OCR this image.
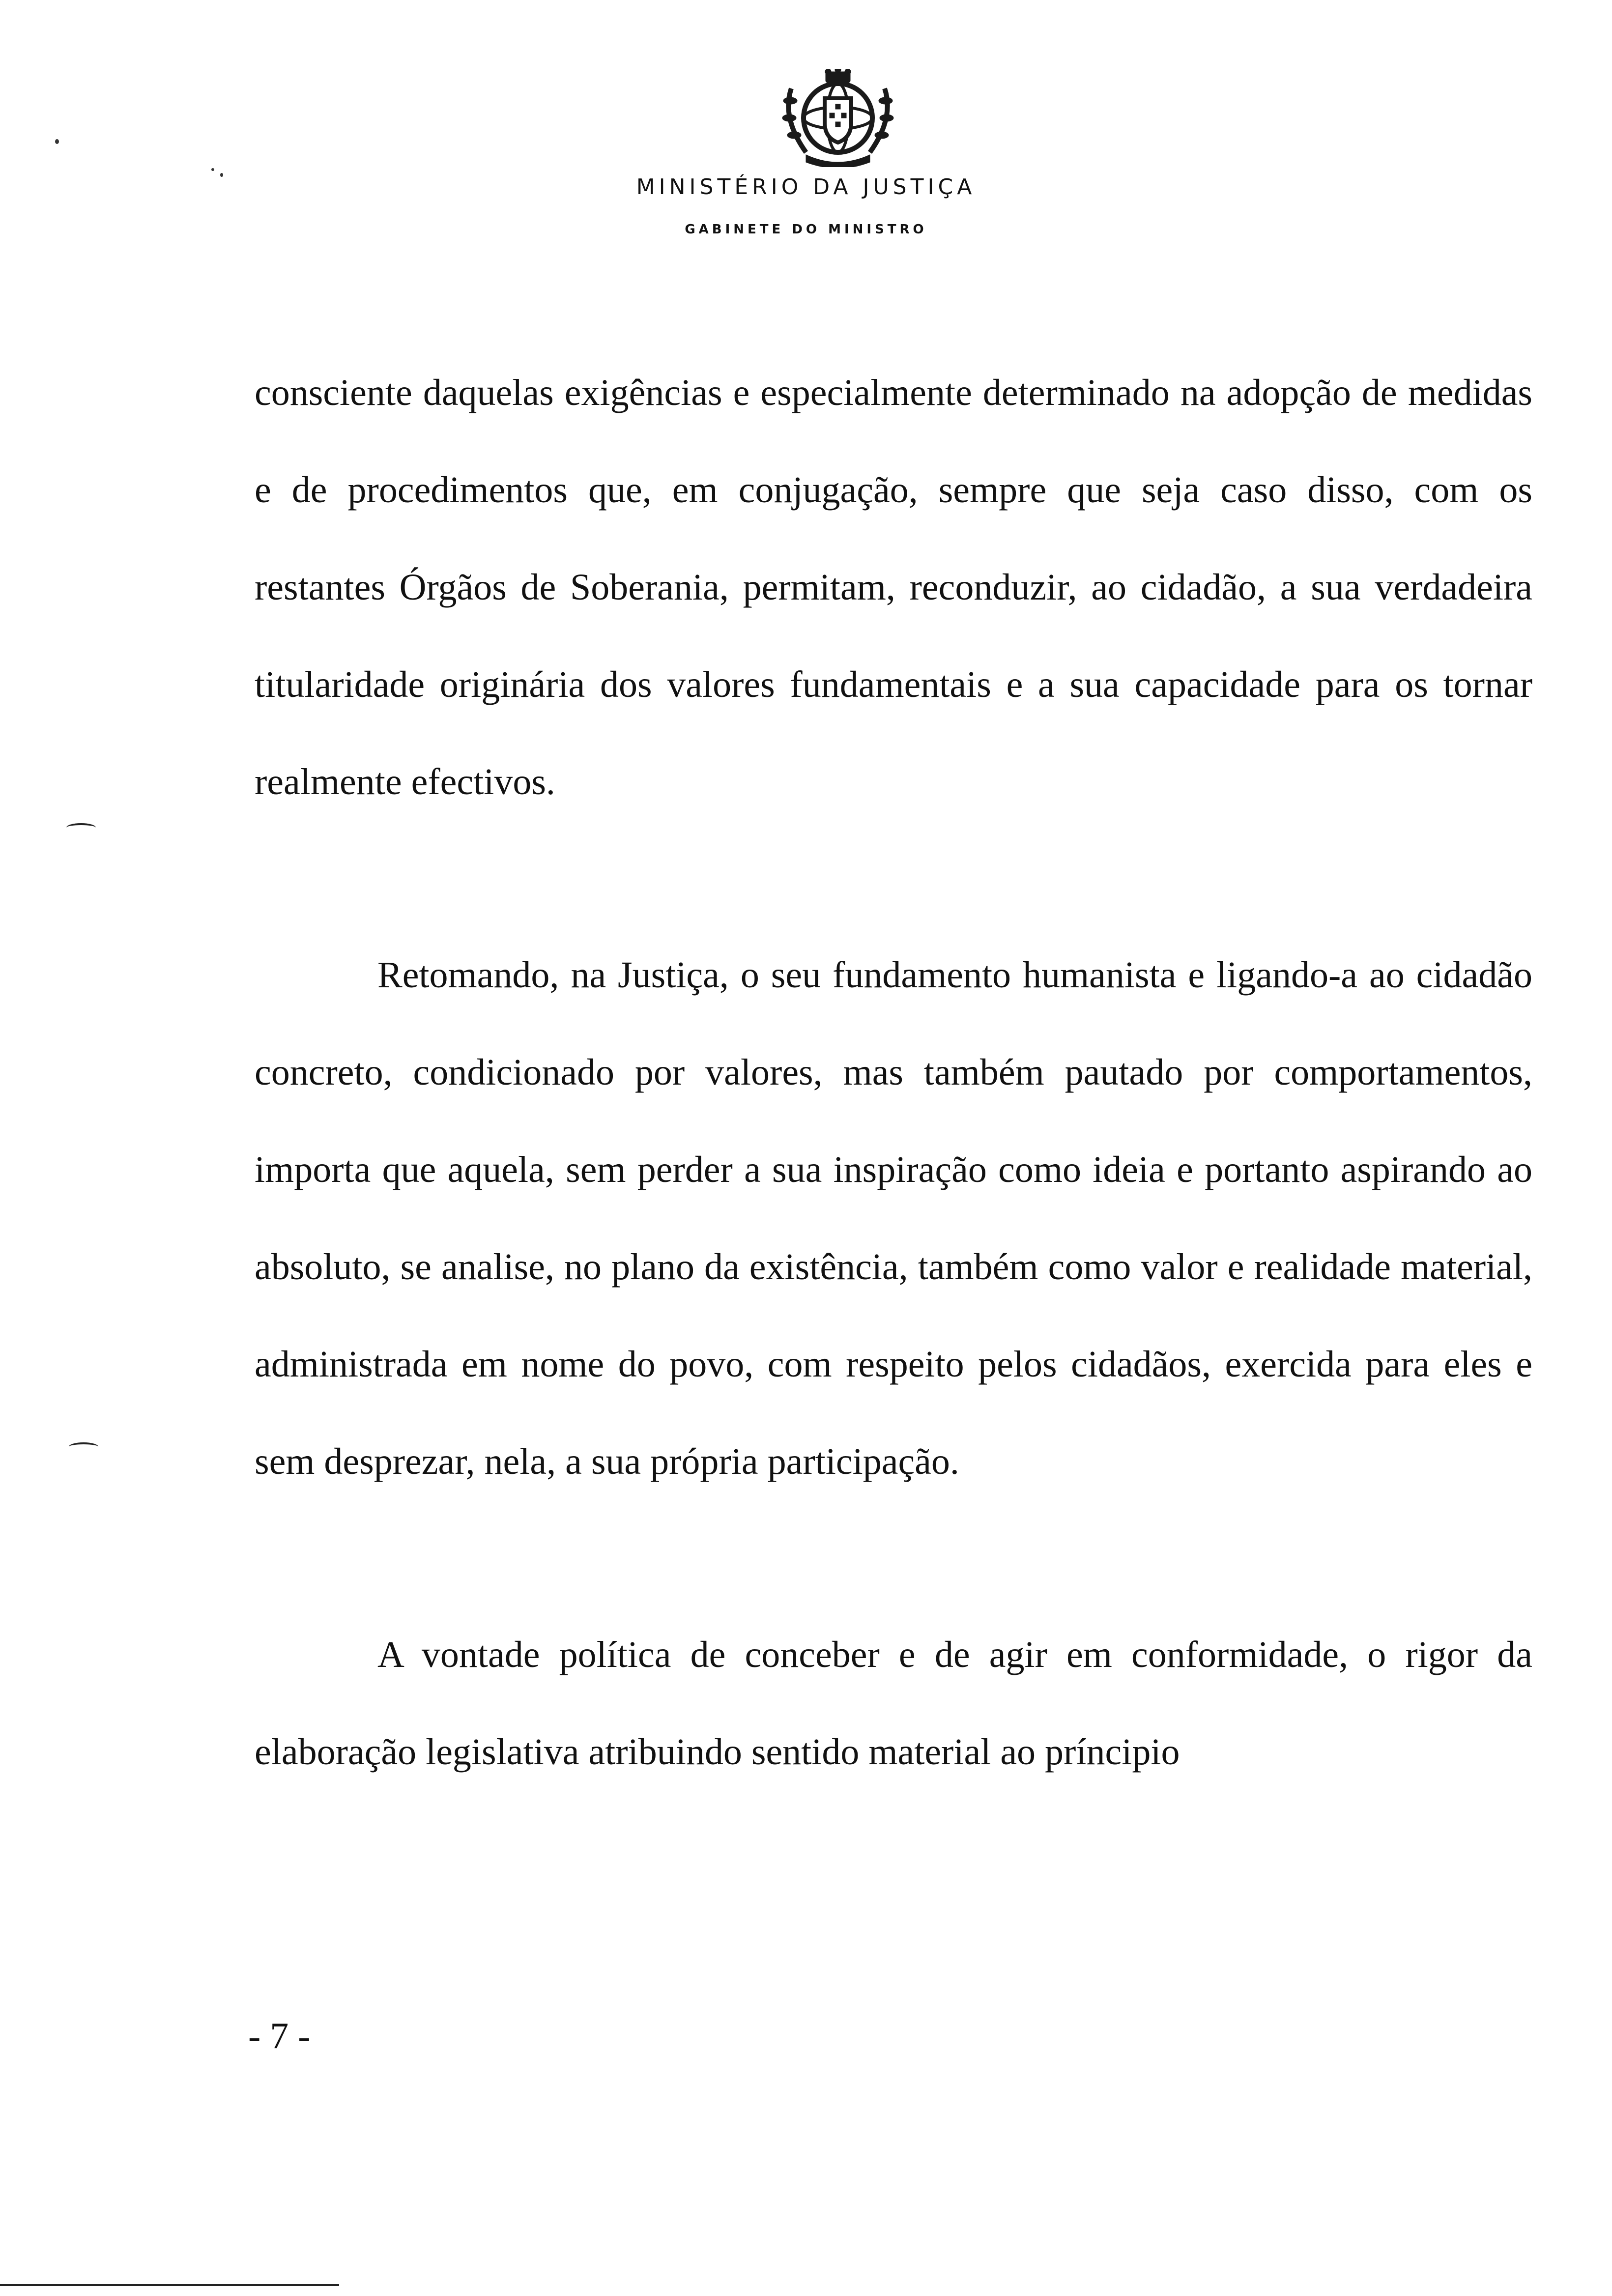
MINISTÉRIO DA JUSTIÇA

GABINETE DO MINISTRO

consciente daquelas exigências e especialmente determinado na adopção de medidas e de procedimentos que, em conjugação, sempre que seja caso disso, com os restantes Órgãos de Soberania, permitam, reconduzir, ao cidadão, a sua verdadeira titularidade originária dos valores fundamentais e a sua capacidade para os tornar realmente efectivos.

Retomando, na Justiça, o seu fundamento humanista e ligando-a ao cidadão concreto, condicionado por valores, mas também pautado por comportamentos, importa que aquela, sem perder a sua inspiração como ideia e portanto aspirando ao absoluto, se analise, no plano da existência, também como valor e realidade material, administrada em nome do povo, com respeito pelos cidadãos, exercida para eles e sem desprezar, nela, a sua própria participação.

A vontade política de conceber e de agir em conformidade, o rigor da elaboração legislativa atribuindo sentido material ao príncipio

- 7 -
